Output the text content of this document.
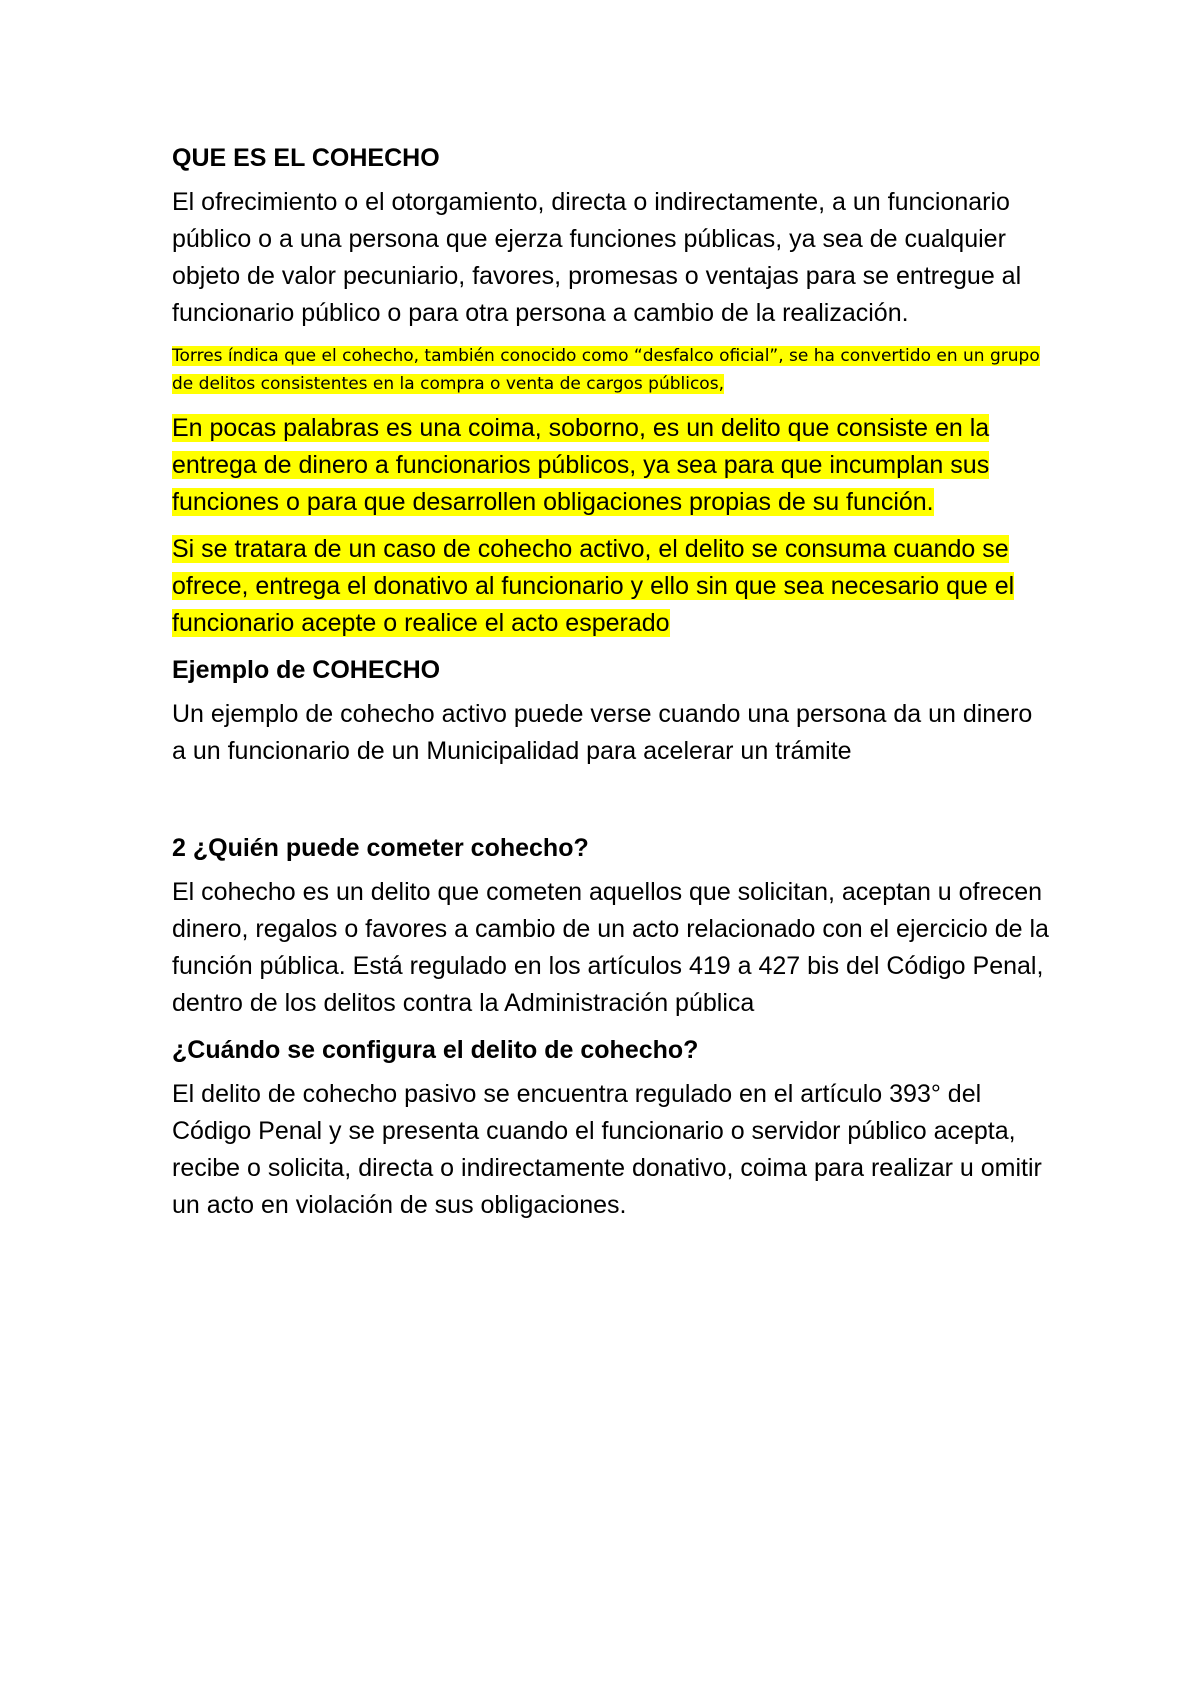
QUE ES EL COHECHO

El ofrecimiento o el otorgamiento, directa o indirectamente, a un funcionario público o a una persona que ejerza funciones públicas, ya sea de cualquier objeto de valor pecuniario, favores, promesas o ventajas para se entregue al funcionario público o para otra persona a cambio de la realización.

Torres índica que el cohecho, también conocido como “desfalco oficial”, se ha convertido en un grupo de delitos consistentes en la compra o venta de cargos públicos,

En pocas palabras es una coima, soborno, es un delito que consiste en la entrega de dinero a funcionarios públicos, ya sea para que incumplan sus funciones o para que desarrollen obligaciones propias de su función.

Si se tratara de un caso de cohecho activo, el delito se consuma cuando se ofrece, entrega el donativo al funcionario y ello sin que sea necesario que el funcionario acepte o realice el acto esperado

Ejemplo de COHECHO

Un ejemplo de cohecho activo puede verse cuando una persona da un dinero a un funcionario de un Municipalidad para acelerar un trámite

2 ¿Quién puede cometer cohecho?

El cohecho es un delito que cometen aquellos que solicitan, aceptan u ofrecen dinero, regalos o favores a cambio de un acto relacionado con el ejercicio de la función pública. Está regulado en los artículos 419 a 427 bis del Código Penal, dentro de los delitos contra la Administración pública

¿Cuándo se configura el delito de cohecho?

El delito de cohecho pasivo se encuentra regulado en el artículo 393° del Código Penal y se presenta cuando el funcionario o servidor público acepta, recibe o solicita, directa o indirectamente donativo, coima para realizar u omitir un acto en violación de sus obligaciones.
